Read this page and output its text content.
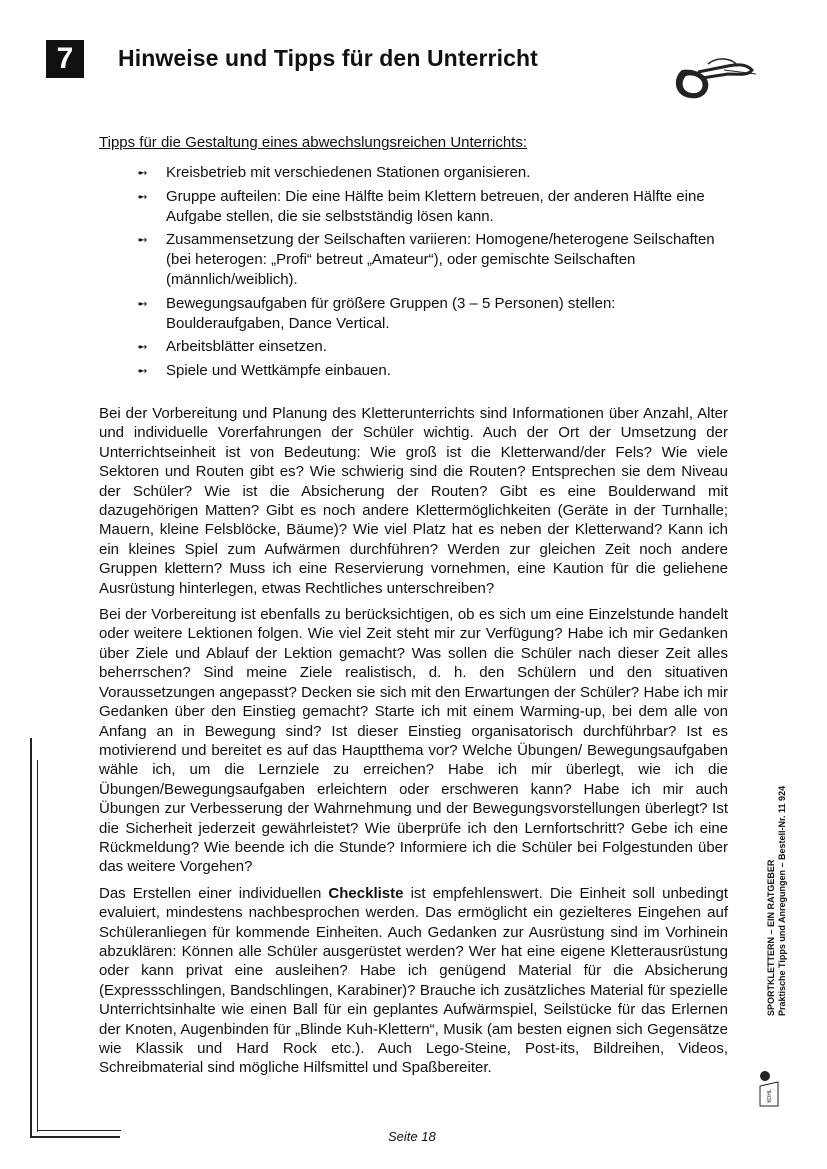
7 Hinweise und Tipps für den Unterricht
Tipps für die Gestaltung eines abwechslungsreichen Unterrichts:
➻ Kreisbetrieb mit verschiedenen Stationen organisieren.
➻ Gruppe aufteilen: Die eine Hälfte beim Klettern betreuen, der anderen Hälfte eine Aufgabe stellen, die sie selbstständig lösen kann.
➻ Zusammensetzung der Seilschaften variieren: Homogene/heterogene Seilschaften (bei heterogen: „Profi“ betreut „Amateur“), oder gemischte Seilschaften (männlich/weiblich).
➻ Bewegungsaufgaben für größere Gruppen (3 – 5 Personen) stellen: Boulderaufgaben, Dance Vertical.
➻ Arbeitsblätter einsetzen.
➻ Spiele und Wettkämpfe einbauen.

Bei der Vorbereitung und Planung des Kletterunterrichts sind Informationen über Anzahl, Alter und individuelle Vorerfahrungen der Schüler wichtig. Auch der Ort der Umsetzung der Unterrichtseinheit ist von Bedeutung: Wie groß ist die Kletterwand/der Fels? Wie viele Sektoren und Routen gibt es? Wie schwierig sind die Routen? Entsprechen sie dem Niveau der Schüler? Wie ist die Absicherung der Routen? Gibt es eine Boulderwand mit dazugehörigen Matten? Gibt es noch andere Klettermöglichkeiten (Geräte in der Turnhalle; Mauern, kleine Felsblöcke, Bäume)? Wie viel Platz hat es neben der Kletterwand? Kann ich ein kleines Spiel zum Aufwärmen durchführen? Werden zur gleichen Zeit noch andere Gruppen klettern? Muss ich eine Reservierung vornehmen, eine Kaution für die geliehene Ausrüstung hinterlegen, etwas Rechtliches unterschreiben?

Bei der Vorbereitung ist ebenfalls zu berücksichtigen, ob es sich um eine Einzelstunde handelt oder weitere Lektionen folgen. Wie viel Zeit steht mir zur Verfügung? Habe ich mir Gedanken über Ziele und Ablauf der Lektion gemacht? Was sollen die Schüler nach dieser Zeit alles beherrschen? Sind meine Ziele realistisch, d. h. den Schülern und den situativen Voraussetzungen angepasst? Decken sie sich mit den Erwartungen der Schüler? Habe ich mir Gedanken über den Einstieg gemacht? Starte ich mit einem Warming-up, bei dem alle von Anfang an in Bewegung sind? Ist dieser Einstieg organisatorisch durchführbar? Ist es motivierend und bereitet es auf das Hauptthema vor? Welche Übungen/ Bewegungsaufgaben wähle ich, um die Lernziele zu erreichen? Habe ich mir überlegt, wie ich die Übungen/Bewegungsaufgaben erleichtern oder erschweren kann? Habe ich mir auch Übungen zur Verbesserung der Wahrnehmung und der Bewegungsvorstellungen überlegt? Ist die Sicherheit jederzeit gewährleistet? Wie überprüfe ich den Lernfortschritt? Gebe ich eine Rückmeldung? Wie beende ich die Stunde? Informiere ich die Schüler bei Folgestunden über das weitere Vorgehen?

Das Erstellen einer individuellen Checkliste ist empfehlenswert. Die Einheit soll unbedingt evaluiert, mindestens nachbesprochen werden. Das ermöglicht ein gezielteres Eingehen auf Schüleranliegen für kommende Einheiten. Auch Gedanken zur Ausrüstung sind im Vorhinein abzuklären: Können alle Schüler ausgerüstet werden? Wer hat eine eigene Kletterausrüstung oder kann privat eine ausleihen? Habe ich genügend Material für die Absicherung (Expressschlingen, Bandschlingen, Karabiner)? Brauche ich zusätzliches Material für spezielle Unterrichtsinhalte wie einen Ball für ein geplantes Aufwärmspiel, Seilstücke für das Erlernen der Knoten, Augenbinden für „Blinde Kuh-Klettern“, Musik (am besten eignen sich Gegensätze wie Klassik und Hard Rock etc.). Auch Lego-Steine, Post-its, Bildreihen, Videos, Schreibmaterial sind mögliche Hilfsmittel und Spaßbereiter.

SPORTKLETTERN – EIN RATGEBER Praktische Tipps und Anregungen – Bestell-Nr. 11 924
KOHL
Seite 18
